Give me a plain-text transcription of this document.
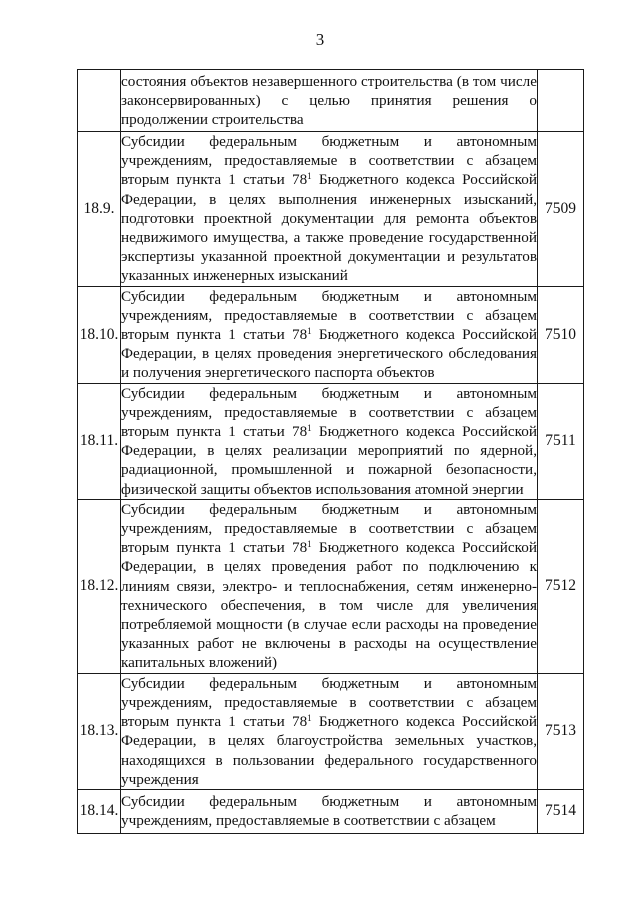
3
	состояния объектов незавершенного строительства (в том числе законсервированных) с целью принятия решения о продолжении строительства	
18.9.	Субсидии федеральным бюджетным и автономным учреждениям, предоставляемые в соответствии с абзацем вторым пункта 1 статьи $78^1$ Бюджетного кодекса Российской Федерации, в целях выполнения инженерных изысканий, подготовки проектной документации для ремонта объектов недвижимого имущества, а также проведение государственной экспертизы указанной проектной документации и результатов указанных инженерных изысканий	7509
18.10.	Субсидии федеральным бюджетным и автономным учреждениям, предоставляемые в соответствии с абзацем вторым пункта 1 статьи $78^1$ Бюджетного кодекса Российской Федерации, в целях проведения энергетического обследования и получения энергетического паспорта объектов	7510
18.11.	Субсидии федеральным бюджетным и автономным учреждениям, предоставляемые в соответствии с абзацем вторым пункта 1 статьи $78^1$ Бюджетного кодекса Российской Федерации, в целях реализации мероприятий по ядерной, радиационной, промышленной и пожарной безопасности, физической защиты объектов использования атомной энергии	7511
18.12.	Субсидии федеральным бюджетным и автономным учреждениям, предоставляемые в соответствии с абзацем вторым пункта 1 статьи $78^1$ Бюджетного кодекса Российской Федерации, в целях проведения работ по подключению к линиям связи, электро- и теплоснабжения, сетям инженерно-технического обеспечения, в том числе для увеличения потребляемой мощности (в случае если расходы на проведение указанных работ не включены в расходы на осуществление капитальных вложений)	7512
18.13.	Субсидии федеральным бюджетным и автономным учреждениям, предоставляемые в соответствии с абзацем вторым пункта 1 статьи $78^1$ Бюджетного кодекса Российской Федерации, в целях благоустройства земельных участков, находящихся в пользовании федерального государственного учреждения	7513
18.14.	Субсидии федеральным бюджетным и автономным учреждениям, предоставляемые в соответствии с абзацем	7514
